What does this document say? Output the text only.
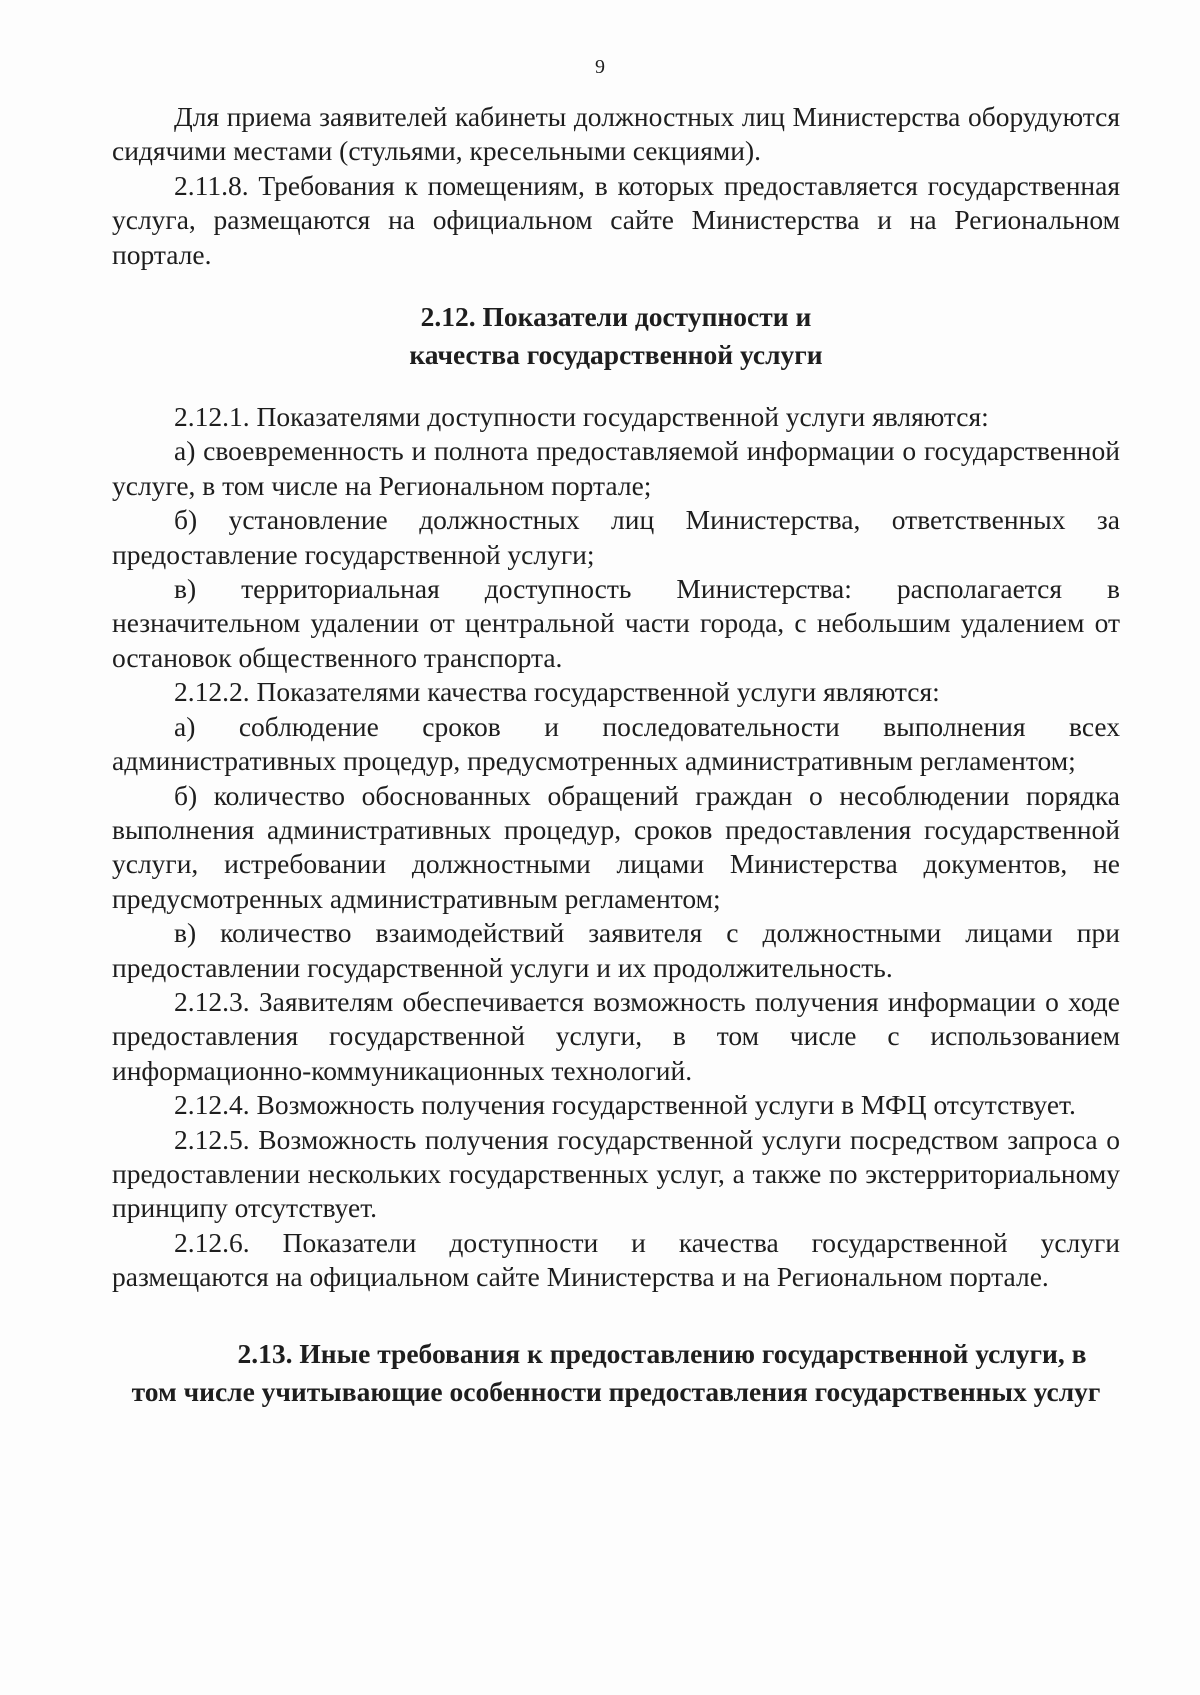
9

Для приема заявителей кабинеты должностных лиц Министерства оборудуются сидячими местами (стульями, кресельными секциями).

2.11.8. Требования к помещениям, в которых предоставляется государственная услуга, размещаются на официальном сайте Министерства и на Региональном портале.

2.12. Показатели доступности и
качества государственной услуги

2.12.1. Показателями доступности государственной услуги являются:

а) своевременность и полнота предоставляемой информации о государственной услуге, в том числе на Региональном портале;

б) установление должностных лиц Министерства, ответственных за предоставление государственной услуги;

в) территориальная доступность Министерства: располагается в незначительном удалении от центральной части города, с небольшим удалением от остановок общественного транспорта.

2.12.2. Показателями качества государственной услуги являются:

а) соблюдение сроков и последовательности выполнения всех административных процедур, предусмотренных административным регламентом;

б) количество обоснованных обращений граждан о несоблюдении порядка выполнения административных процедур, сроков предоставления государственной услуги, истребовании должностными лицами Министерства документов, не предусмотренных административным регламентом;

в) количество взаимодействий заявителя с должностными лицами при предоставлении государственной услуги и их продолжительность.

2.12.3. Заявителям обеспечивается возможность получения информации о ходе предоставления государственной услуги, в том числе с использованием информационно-коммуникационных технологий.

2.12.4. Возможность получения государственной услуги в МФЦ отсутствует.

2.12.5. Возможность получения государственной услуги посредством запроса о предоставлении нескольких государственных услуг, а также по экстерриториальному принципу отсутствует.

2.12.6. Показатели доступности и качества государственной услуги размещаются на официальном сайте Министерства и на Региональном портале.

2.13. Иные требования к предоставлению государственной услуги, в
том числе учитывающие особенности предоставления государственных услуг
